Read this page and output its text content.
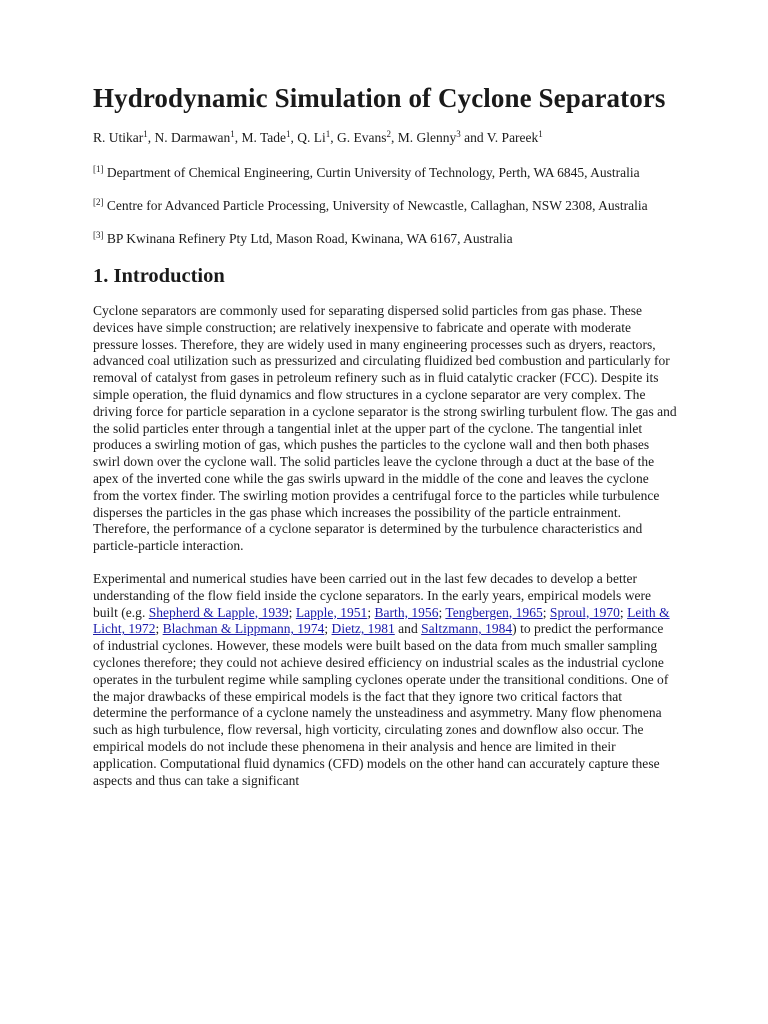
Hydrodynamic Simulation of Cyclone Separators

R. Utikar$^1$, N. Darmawan$^1$, M. Tade$^1$, Q. Li$^1$, G. Evans$^2$, M. Glenny$^3$ and V. Pareek$^1$

[1] Department of Chemical Engineering, Curtin University of Technology, Perth, WA 6845, Australia

[2] Centre for Advanced Particle Processing, University of Newcastle, Callaghan, NSW 2308, Australia

[3] BP Kwinana Refinery Pty Ltd, Mason Road, Kwinana, WA 6167, Australia

1. Introduction

Cyclone separators are commonly used for separating dispersed solid particles from gas phase. These devices have simple construction; are relatively inexpensive to fabricate and operate with moderate pressure losses. Therefore, they are widely used in many engineering processes such as dryers, reactors, advanced coal utilization such as pressurized and circulating fluidized bed combustion and particularly for removal of catalyst from gases in petroleum refinery such as in fluid catalytic cracker (FCC). Despite its simple operation, the fluid dynamics and flow structures in a cyclone separator are very complex. The driving force for particle separation in a cyclone separator is the strong swirling turbulent flow. The gas and the solid particles enter through a tangential inlet at the upper part of the cyclone. The tangential inlet produces a swirling motion of gas, which pushes the particles to the cyclone wall and then both phases swirl down over the cyclone wall. The solid particles leave the cyclone through a duct at the base of the apex of the inverted cone while the gas swirls upward in the middle of the cone and leaves the cyclone from the vortex finder. The swirling motion provides a centrifugal force to the particles while turbulence disperses the particles in the gas phase which increases the possibility of the particle entrainment. Therefore, the performance of a cyclone separator is determined by the turbulence characteristics and particle-particle interaction.

Experimental and numerical studies have been carried out in the last few decades to develop a better understanding of the flow field inside the cyclone separators. In the early years, empirical models were built (e.g. Shepherd & Lapple, 1939; Lapple, 1951; Barth, 1956; Tengbergen, 1965; Sproul, 1970; Leith & Licht, 1972; Blachman & Lippmann, 1974; Dietz, 1981 and Saltzmann, 1984) to predict the performance of industrial cyclones. However, these models were built based on the data from much smaller sampling cyclones therefore; they could not achieve desired efficiency on industrial scales as the industrial cyclone operates in the turbulent regime while sampling cyclones operate under the transitional conditions. One of the major drawbacks of these empirical models is the fact that they ignore two critical factors that determine the performance of a cyclone namely the unsteadiness and asymmetry. Many flow phenomena such as high turbulence, flow reversal, high vorticity, circulating zones and downflow also occur. The empirical models do not include these phenomena in their analysis and hence are limited in their application. Computational fluid dynamics (CFD) models on the other hand can accurately capture these aspects and thus can take a significant
